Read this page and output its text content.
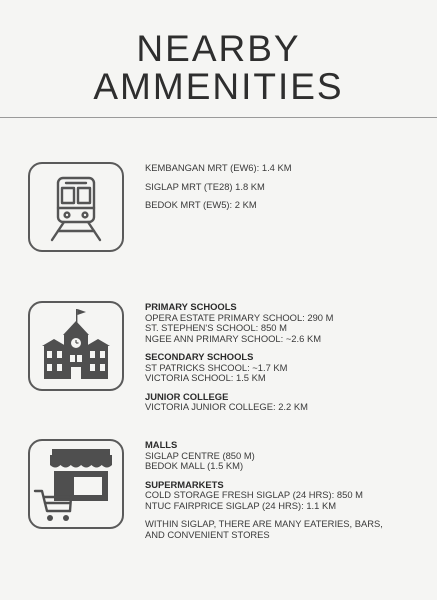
NEARBY
AMMENITIES
KEMBANGAN MRT (EW6): 1.4 KM
SIGLAP MRT (TE28) 1.8 KM
BEDOK MRT (EW5): 2 KM
PRIMARY SCHOOLS
OPERA ESTATE PRIMARY SCHOOL: 290 M
ST. STEPHEN'S SCHOOL: 850 M
NGEE ANN PRIMARY SCHOOL: ~2.6 KM
SECONDARY SCHOOLS
ST PATRICKS SHCOOL: ~1.7 KM
VICTORIA SCHOOL: 1.5 KM
JUNIOR COLLEGE
VICTORIA JUNIOR COLLEGE: 2.2 KM
MALLS
SIGLAP CENTRE (850 M)
BEDOK MALL (1.5 KM)
SUPERMARKETS
COLD STORAGE FRESH SIGLAP (24 HRS): 850 M
NTUC FAIRPRICE SIGLAP (24 HRS): 1.1 KM
WITHIN SIGLAP, THERE ARE MANY EATERIES, BARS,
AND CONVENIENT STORES
